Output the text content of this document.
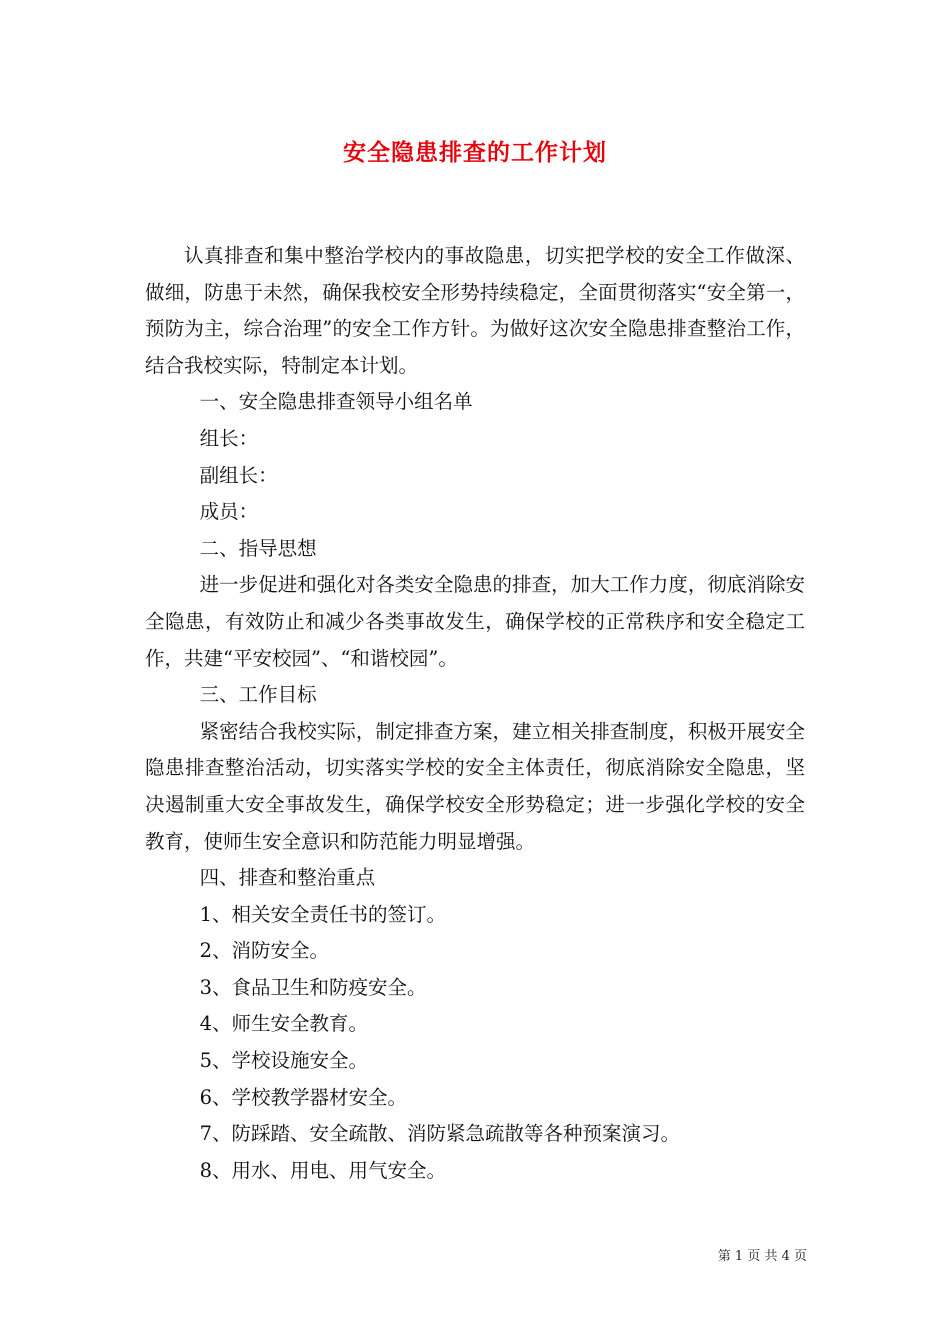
安全隐患排查的工作计划

认真排查和集中整治学校内的事故隐患，切实把学校的安全工作做深、做细，防患于未然，确保我校安全形势持续稳定，全面贯彻落实“安全第一，预防为主，综合治理”的安全工作方针。为做好这次安全隐患排查整治工作，结合我校实际，特制定本计划。

一、安全隐患排查领导小组名单

组长：

副组长：

成员：

二、指导思想

进一步促进和强化对各类安全隐患的排查，加大工作力度，彻底消除安全隐患，有效防止和减少各类事故发生，确保学校的正常秩序和安全稳定工作，共建“平安校园”、“和谐校园”。

三、工作目标

紧密结合我校实际，制定排查方案，建立相关排查制度，积极开展安全隐患排查整治活动，切实落实学校的安全主体责任，彻底消除安全隐患，坚决遏制重大安全事故发生，确保学校安全形势稳定；进一步强化学校的安全教育，使师生安全意识和防范能力明显增强。

四、排查和整治重点

1、相关安全责任书的签订。

2、消防安全。

3、食品卫生和防疫安全。

4、师生安全教育。

5、学校设施安全。

6、学校教学器材安全。

7、防踩踏、安全疏散、消防紧急疏散等各种预案演习。

8、用水、用电、用气安全。

第 1 页 共 4 页
